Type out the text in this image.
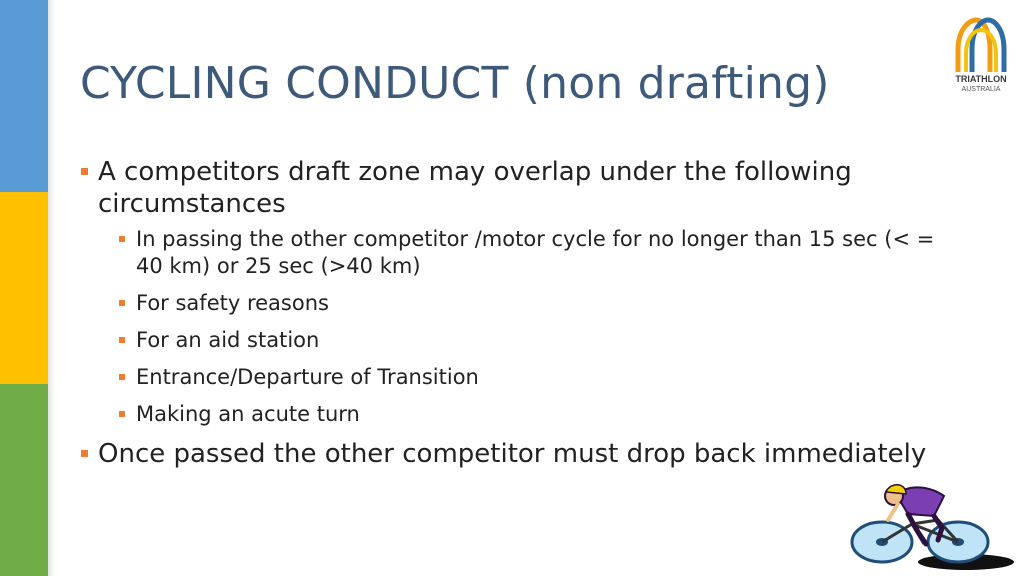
CYCLING CONDUCT (non drafting)	TRIATHLON
AUSTRALIA
A competitors draft zone may overlap under the following circumstances
In passing the other competitor /motor cycle for no longer than 15 sec (< = 40 km) or 25 sec (>40 km)
For safety reasons
For an aid station
Entrance/Departure of Transition
Making an acute turn
Once passed the other competitor must drop back immediately
